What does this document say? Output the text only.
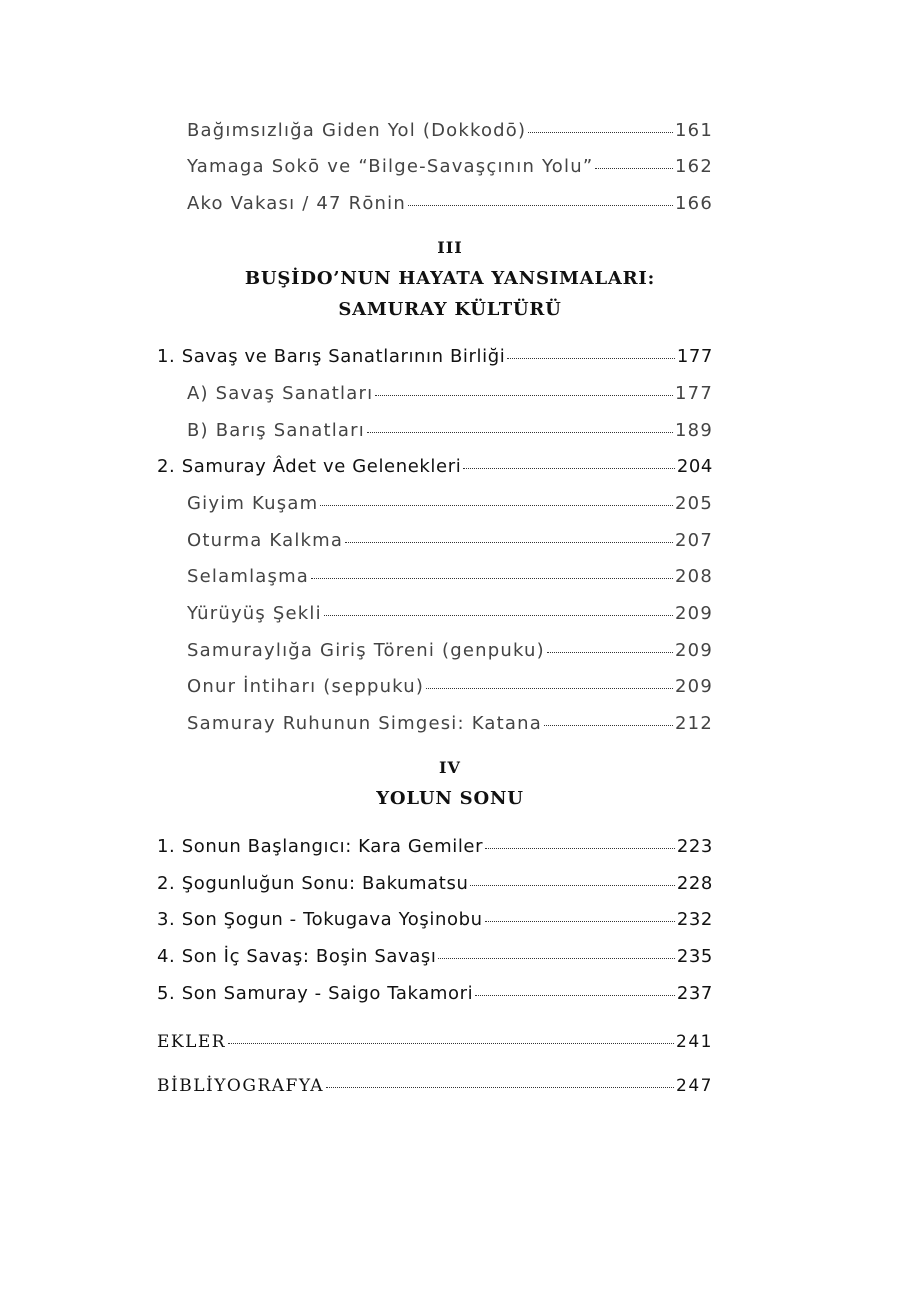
Bağımsızlığa Giden Yol (Dokkodō)	161
Yamaga Sokō ve “Bilge-Savaşçının Yolu”	162
Ako Vakası / 47 Rōnin	166
III
BUŞİDO’NUN HAYATA YANSIMALARI:
SAMURAY KÜLTÜRÜ
1. Savaş ve Barış Sanatlarının Birliği	177
A) Savaş Sanatları	177
B) Barış Sanatları	189
2. Samuray Âdet ve Gelenekleri	204
Giyim Kuşam	205
Oturma Kalkma	207
Selamlaşma	208
Yürüyüş Şekli	209
Samuraylığa Giriş Töreni (genpuku)	209
Onur İntiharı (seppuku)	209
Samuray Ruhunun Simgesi: Katana	212
IV
YOLUN SONU
1. Sonun Başlangıcı: Kara Gemiler	223
2. Şogunluğun Sonu: Bakumatsu	228
3. Son Şogun - Tokugava Yoşinobu	232
4. Son İç Savaş: Boşin Savaşı	235
5. Son Samuray - Saigo Takamori	237
EKLER	241
BİBLİYOGRAFYA	247
